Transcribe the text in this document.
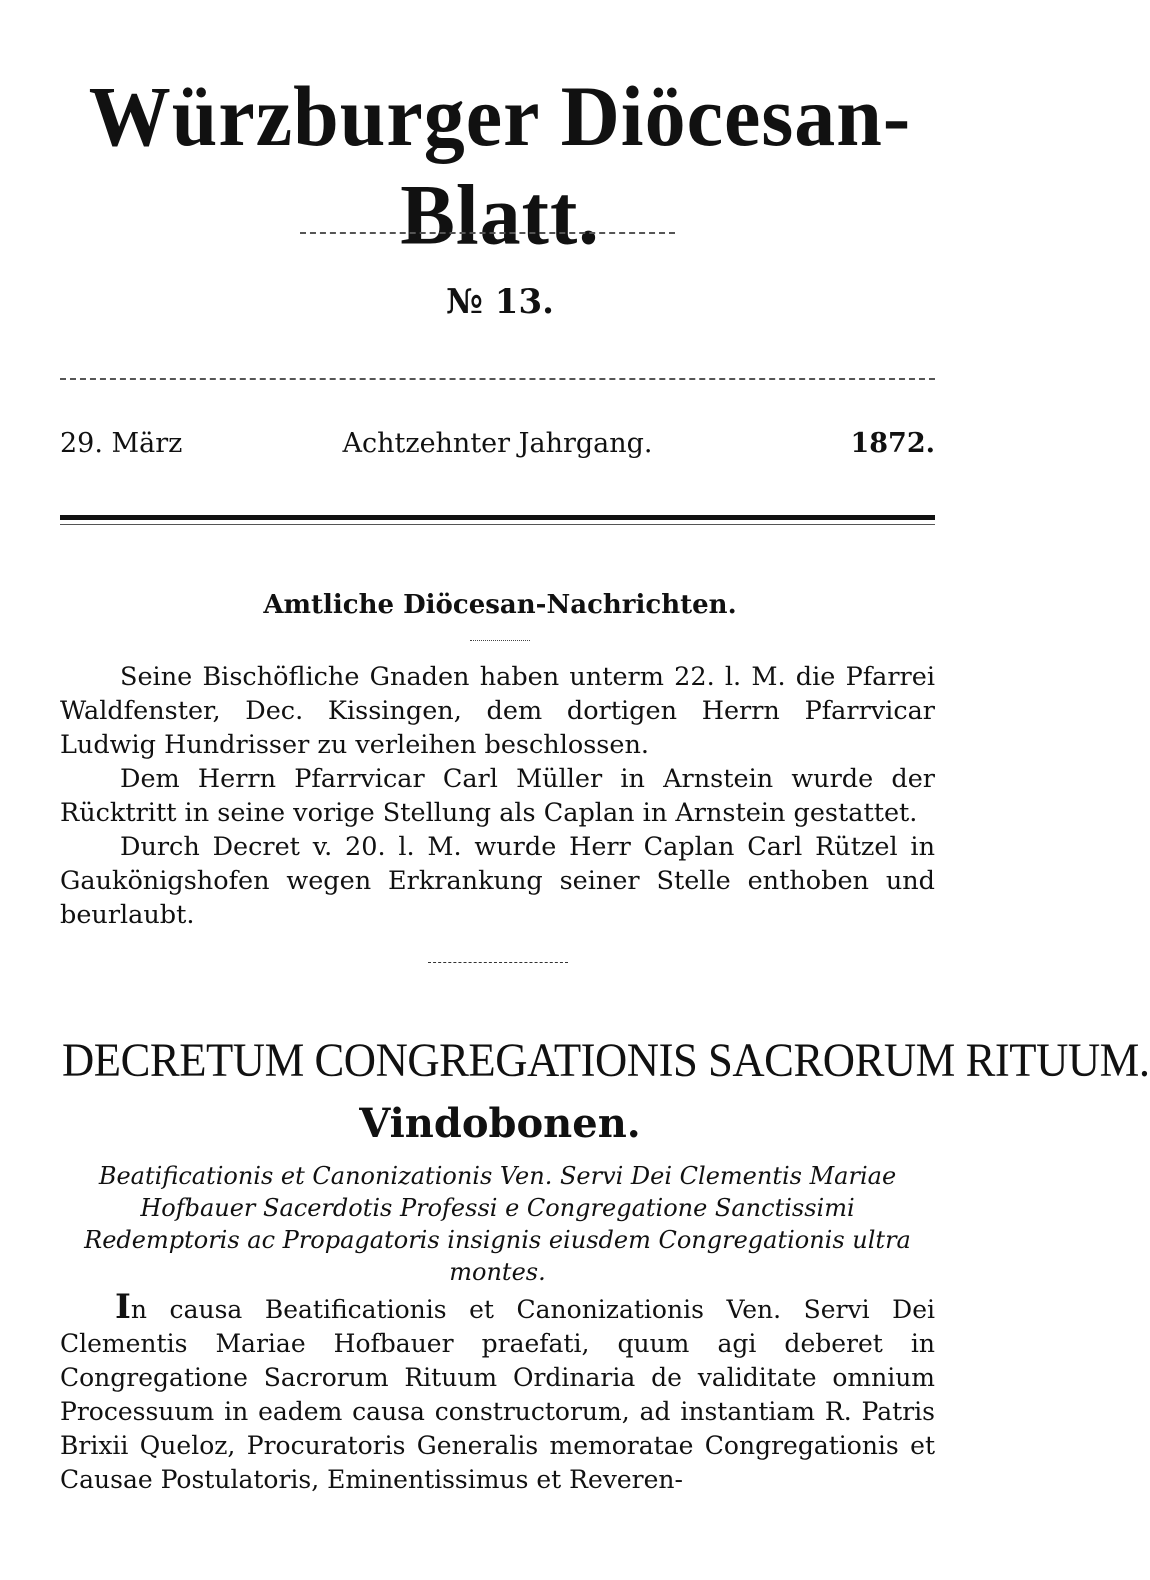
Würzburger Diöcesan-Blatt.
№ 13.
29. März	Achtzehnter Jahrgang.	1872.
Amtliche Diöcesan-Nachrichten.

Seine Bischöfliche Gnaden haben unterm 22. l. M. die Pfarrei Waldfenster, Dec. Kissingen, dem dortigen Herrn Pfarrvicar Ludwig Hundrisser zu verleihen beschlossen.

Dem Herrn Pfarrvicar Carl Müller in Arnstein wurde der Rücktritt in seine vorige Stellung als Caplan in Arnstein gestattet.

Durch Decret v. 20. l. M. wurde Herr Caplan Carl Rützel in Gaukönigshofen wegen Erkrankung seiner Stelle enthoben und beurlaubt.

DECRETUM CONGREGATIONIS SACRORUM RITUUM.
Vindobonen.
Beatificationis et Canonizationis Ven. Servi Dei Clementis Mariae Hofbauer Sacerdotis Professi e Congregatione Sanctissimi Redemptoris ac Propagatoris insignis eiusdem Congregationis ultra montes.

In causa Beatificationis et Canonizationis Ven. Servi Dei Clementis Mariae Hofbauer praefati, quum agi deberet in Congregatione Sacrorum Rituum Ordinaria de validitate omnium Processuum in eadem causa constructorum, ad instantiam R. Patris Brixii Queloz, Procuratoris Generalis memoratae Congregationis et Causae Postulatoris, Eminentissimus et Reveren-
